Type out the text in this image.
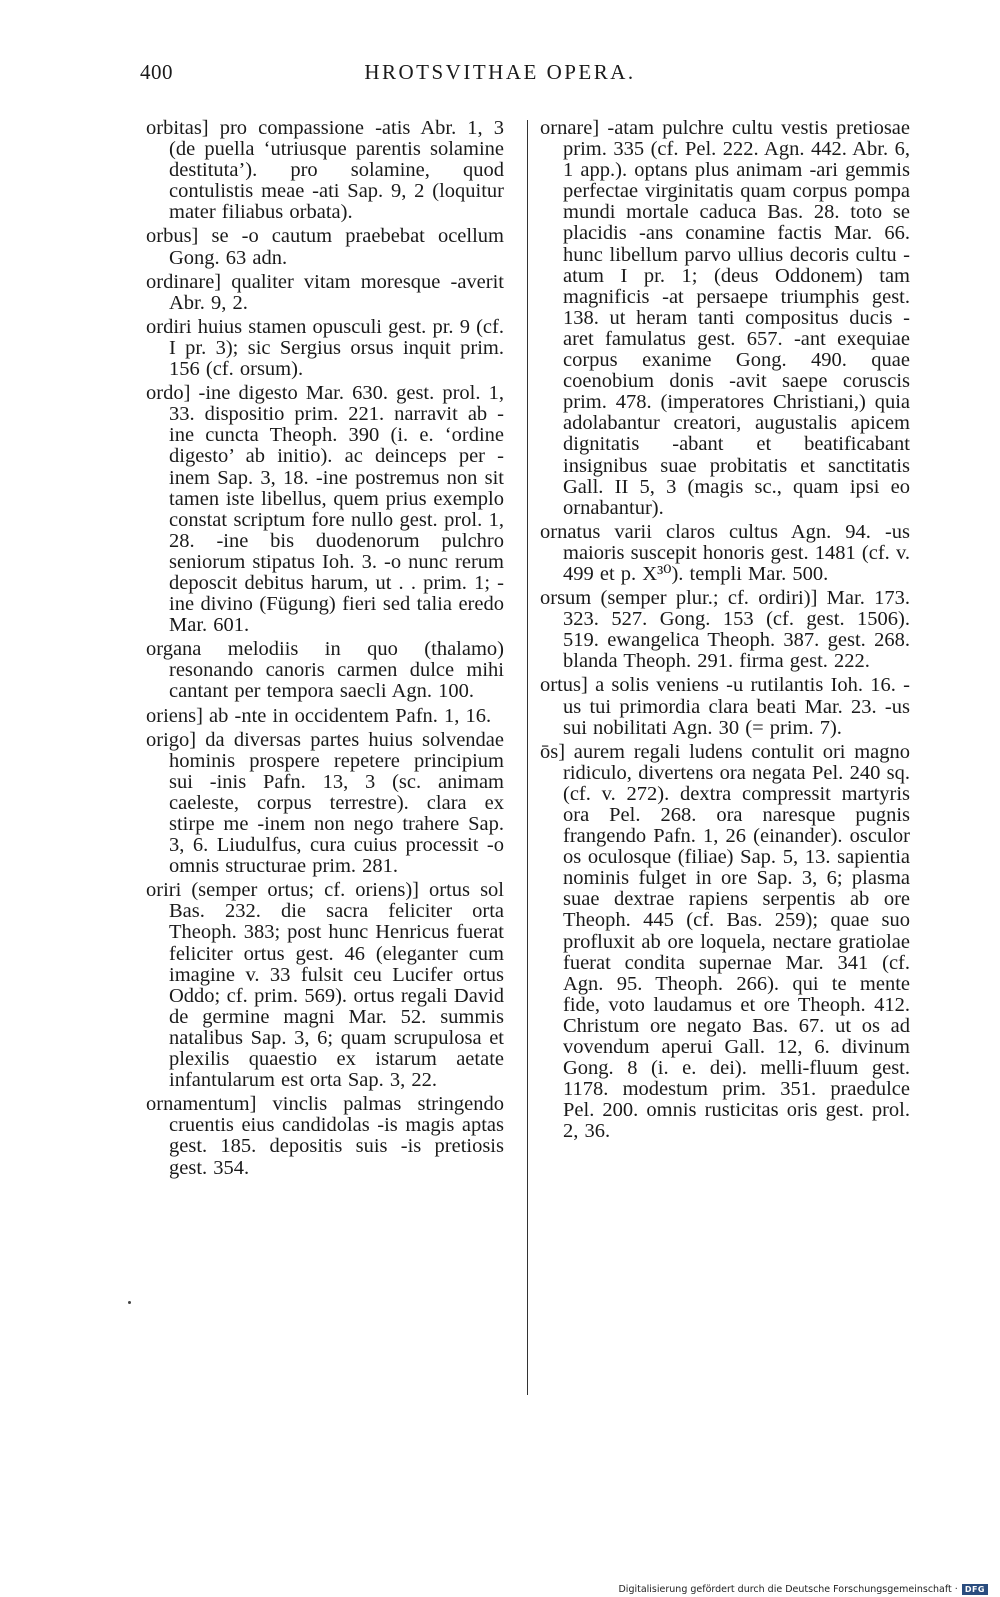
400	HROTSVITHAE OPERA.

orbitas] pro compassione -atis Abr. 1, 3 (de puella ‘utriusque parentis solamine destituta’). pro solamine, quod contulistis meae -ati Sap. 9, 2 (loquitur mater filiabus orbata).

orbus] se -o cautum praebebat ocellum Gong. 63 adn.

ordinare] qualiter vitam moresque -averit Abr. 9, 2.

ordiri huius stamen opusculi gest. pr. 9 (cf. I pr. 3); sic Sergius orsus inquit prim. 156 (cf. orsum).

ordo] -ine digesto Mar. 630. gest. prol. 1, 33. dispositio prim. 221. narravit ab -ine cuncta Theoph. 390 (i. e. ‘ordine digesto’ ab initio). ac deinceps per -inem Sap. 3, 18. -ine postremus non sit tamen iste libellus, quem prius exemplo constat scriptum fore nullo gest. prol. 1, 28. -ine bis duodenorum pulchro seniorum stipatus Ioh. 3. -o nunc rerum deposcit debitus harum, ut . . prim. 1; -ine divino (Fügung) fieri sed talia eredo Mar. 601.

organa melodiis in quo (thalamo) resonando canoris carmen dulce mihi cantant per tempora saecli Agn. 100.

oriens] ab -nte in occidentem Pafn. 1, 16.

origo] da diversas partes huius solvendae hominis prospere repetere principium sui -inis Pafn. 13, 3 (sc. animam caeleste, corpus terrestre). clara ex stirpe me -inem non nego trahere Sap. 3, 6. Liudulfus, cura cuius processit -o omnis structurae prim. 281.

oriri (semper ortus; cf. oriens)] ortus sol Bas. 232. die sacra feliciter orta Theoph. 383; post hunc Henricus fuerat feliciter ortus gest. 46 (eleganter cum imagine v. 33 fulsit ceu Lucifer ortus Oddo; cf. prim. 569). ortus regali David de germine magni Mar. 52. summis natalibus Sap. 3, 6; quam scrupulosa et plexilis quaestio ex istarum aetate infantularum est orta Sap. 3, 22.

ornamentum] vinclis palmas stringendo cruentis eius candidolas -is magis aptas gest. 185. depositis suis -is pretiosis gest. 354.

ornare] -atam pulchre cultu vestis pretiosae prim. 335 (cf. Pel. 222. Agn. 442. Abr. 6, 1 app.). optans plus animam -ari gemmis perfectae virginitatis quam corpus pompa mundi mortale caduca Bas. 28. toto se placidis -ans conamine factis Mar. 66. hunc libellum parvo ullius decoris cultu -atum I pr. 1; (deus Oddonem) tam magnificis -at persaepe triumphis gest. 138. ut heram tanti compositus ducis -aret famulatus gest. 657. -ant exequiae corpus exanime Gong. 490. quae coenobium donis -avit saepe coruscis prim. 478. (imperatores Christiani,) quia adolabantur creatori, augustalis apicem dignitatis -abant et beatificabant insignibus suae probitatis et sanctitatis Gall. II 5, 3 (magis sc., quam ipsi eo ornabantur).

ornatus varii claros cultus Agn. 94. -us maioris suscepit honoris gest. 1481 (cf. v. 499 et p. X³⁰). templi Mar. 500.

orsum (semper plur.; cf. ordiri)] Mar. 173. 323. 527. Gong. 153 (cf. gest. 1506). 519. ewangelica Theoph. 387. gest. 268. blanda Theoph. 291. firma gest. 222.

ortus] a solis veniens -u rutilantis Ioh. 16. -us tui primordia clara beati Mar. 23. -us sui nobilitati Agn. 30 (= prim. 7).

ōs] aurem regali ludens contulit ori magno ridiculo, divertens ora negata Pel. 240 sq. (cf. v. 272). dextra compressit martyris ora Pel. 268. ora naresque pugnis frangendo Pafn. 1, 26 (einander). osculor os oculosque (filiae) Sap. 5, 13. sapientia nominis fulget in ore Sap. 3, 6; plasma suae dextrae rapiens serpentis ab ore Theoph. 445 (cf. Bas. 259); quae suo profluxit ab ore loquela, nectare gratiolae fuerat condita supernae Mar. 341 (cf. Agn. 95. Theoph. 266). qui te mente fide, voto laudamus et ore Theoph. 412. Christum ore negato Bas. 67. ut os ad vovendum aperui Gall. 12, 6. divinum Gong. 8 (i. e. dei). melli-fluum gest. 1178. modestum prim. 351. praedulce Pel. 200. omnis rusticitas oris gest. prol. 2, 36.

Digitalisierung gefördert durch die Deutsche Forschungsgemeinschaft · DFG
